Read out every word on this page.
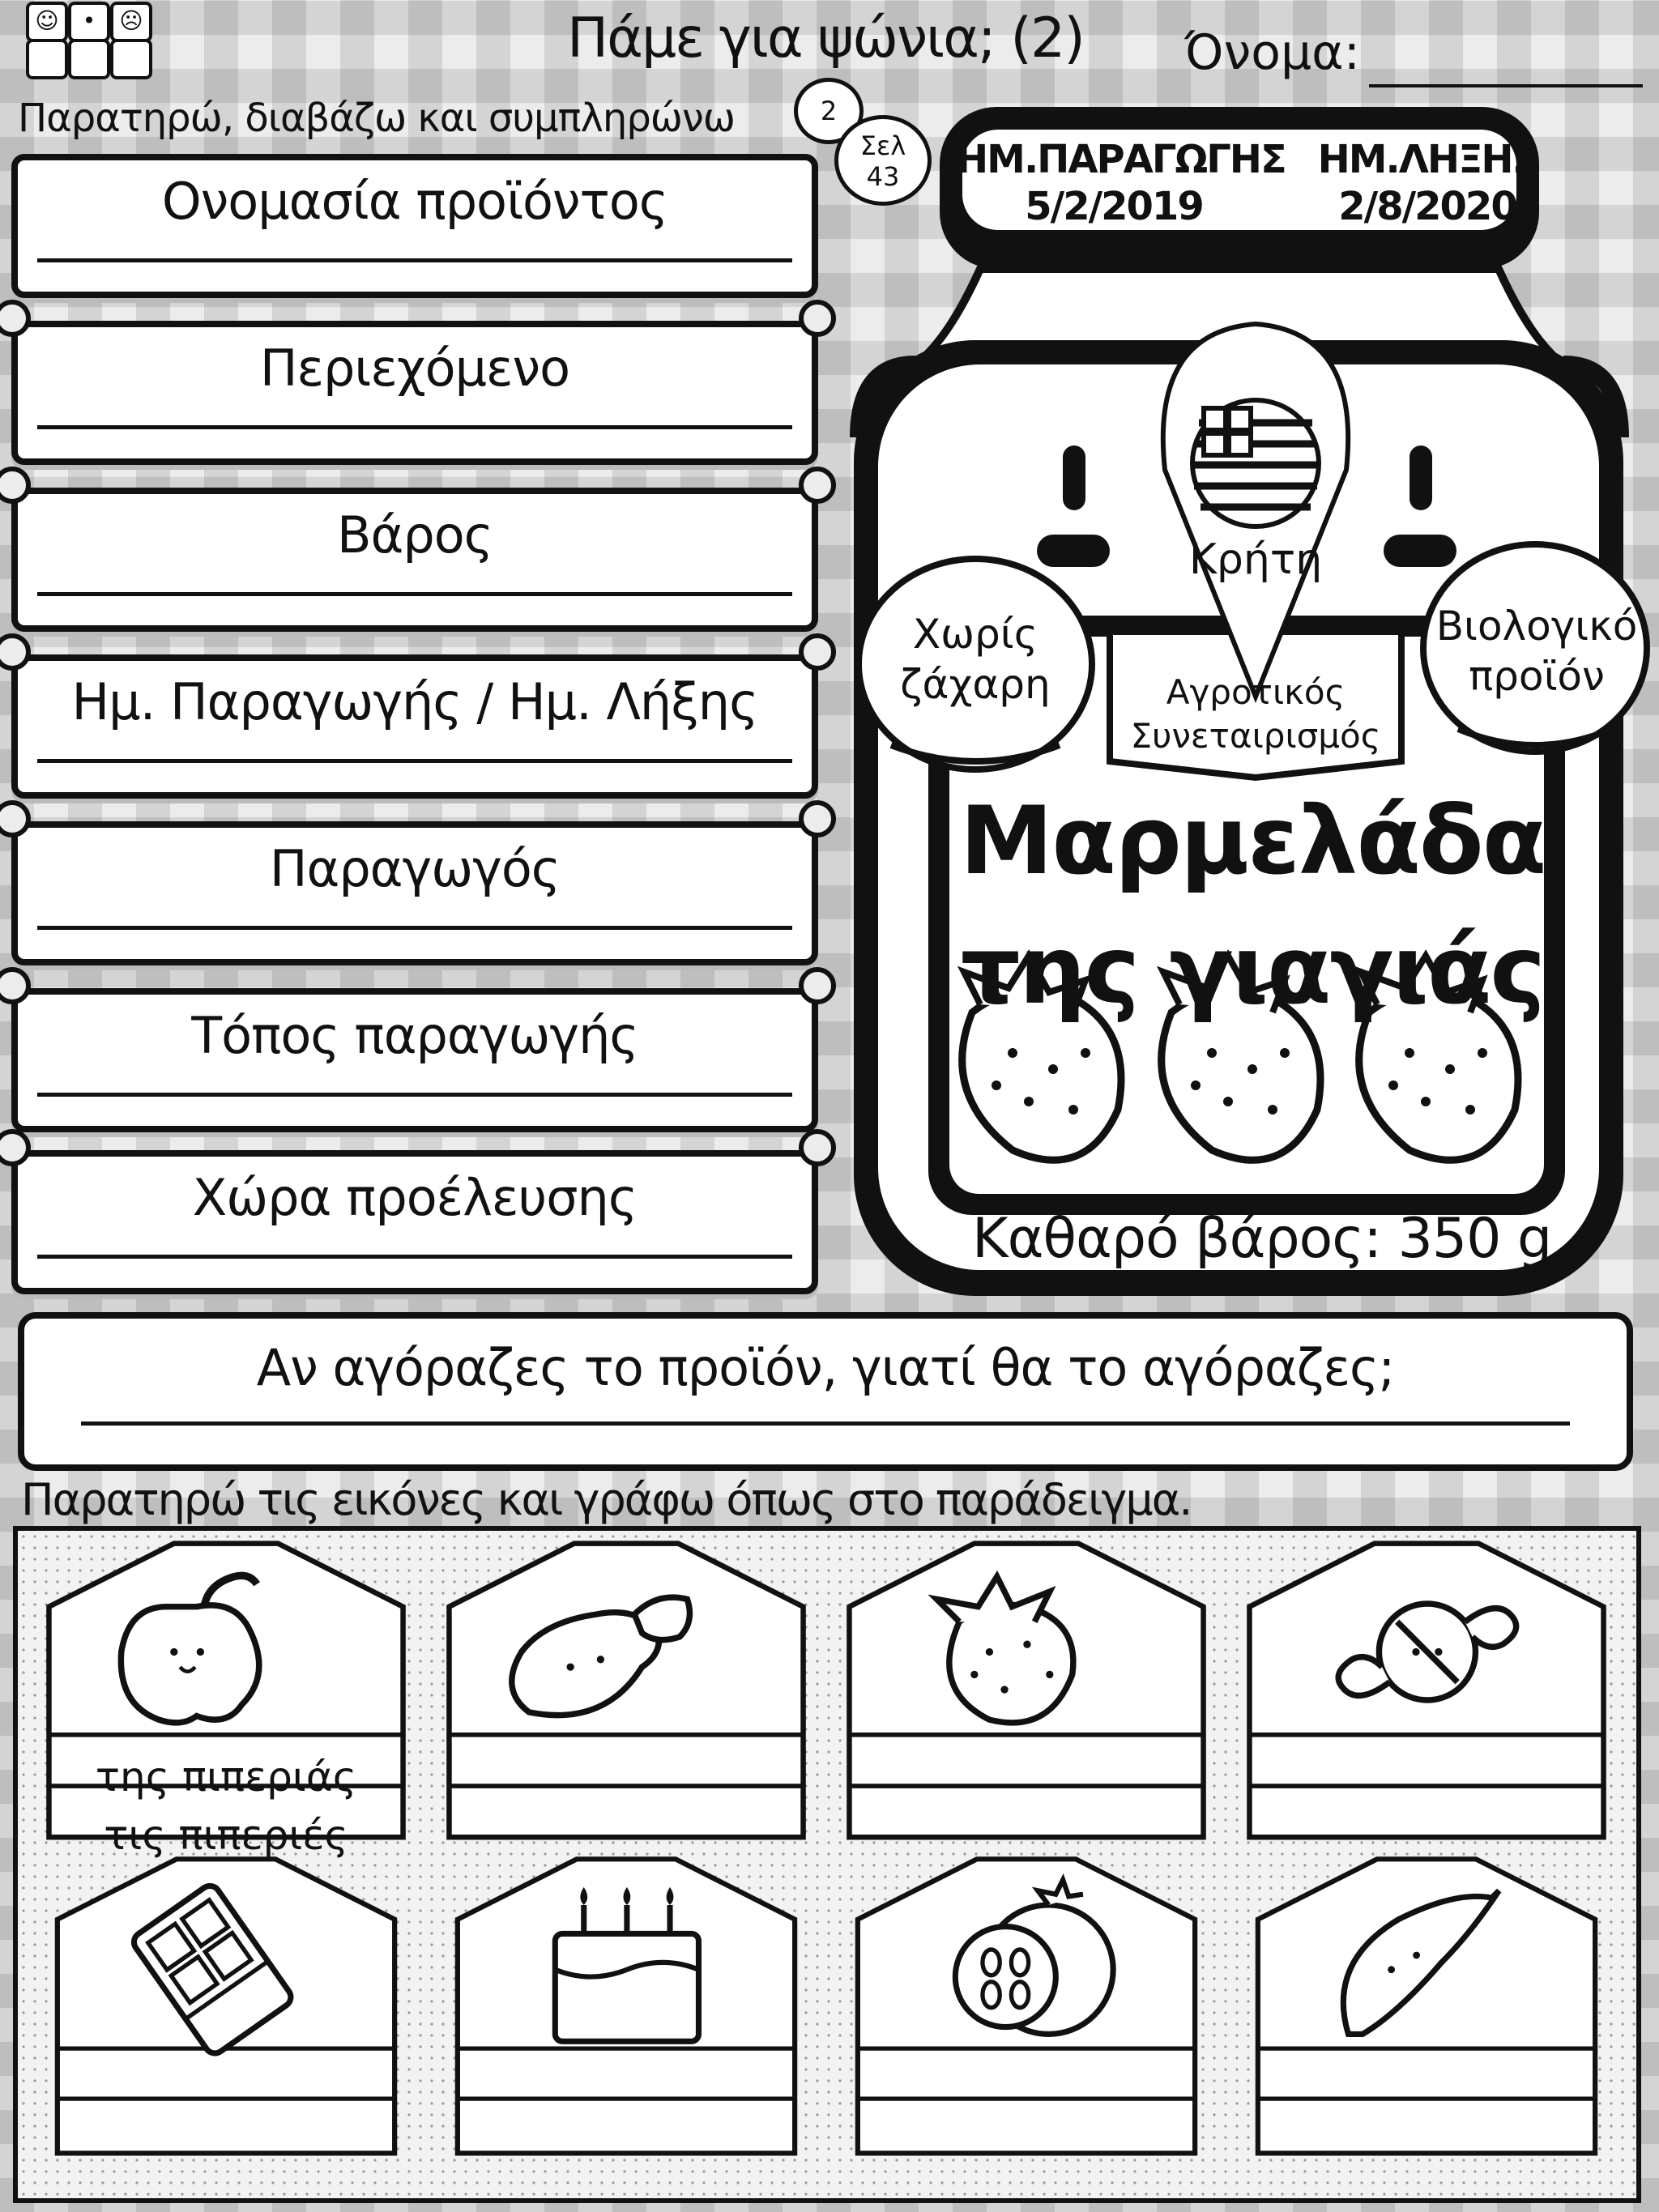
☺	•	☹	Πάμε για ψώνια; (2) Όνομα:
Παρατηρώ, διαβάζω και συμπληρώνω	2
Σελ
43
Ονομασία προϊόντος
Περιεχόμενο
Βάρος
Ημ. Παραγωγής / Ημ. Λήξης
Παραγωγός
Τόπος παραγωγής
Χώρα προέλευσης
ΗΜ.ΠΑΡΑΓΩΓΗΣ
5/2/2019
ΗΜ.ΛΗΞΗΣ
2/8/2020
Κρήτη
Χωρίς ζάχαρη
Βιολογικό προϊόν
Αγροτικός Συνεταιρισμός
Μαρμελάδα
της γιαγιάς
Καθαρό βάρος: 350 g
Αν αγόραζες το προϊόν, γιατί θα το αγόραζες;
Παρατηρώ τις εικόνες και γράφω όπως στο παράδειγμα.
της πιπεριάς
τις πιπεριές
